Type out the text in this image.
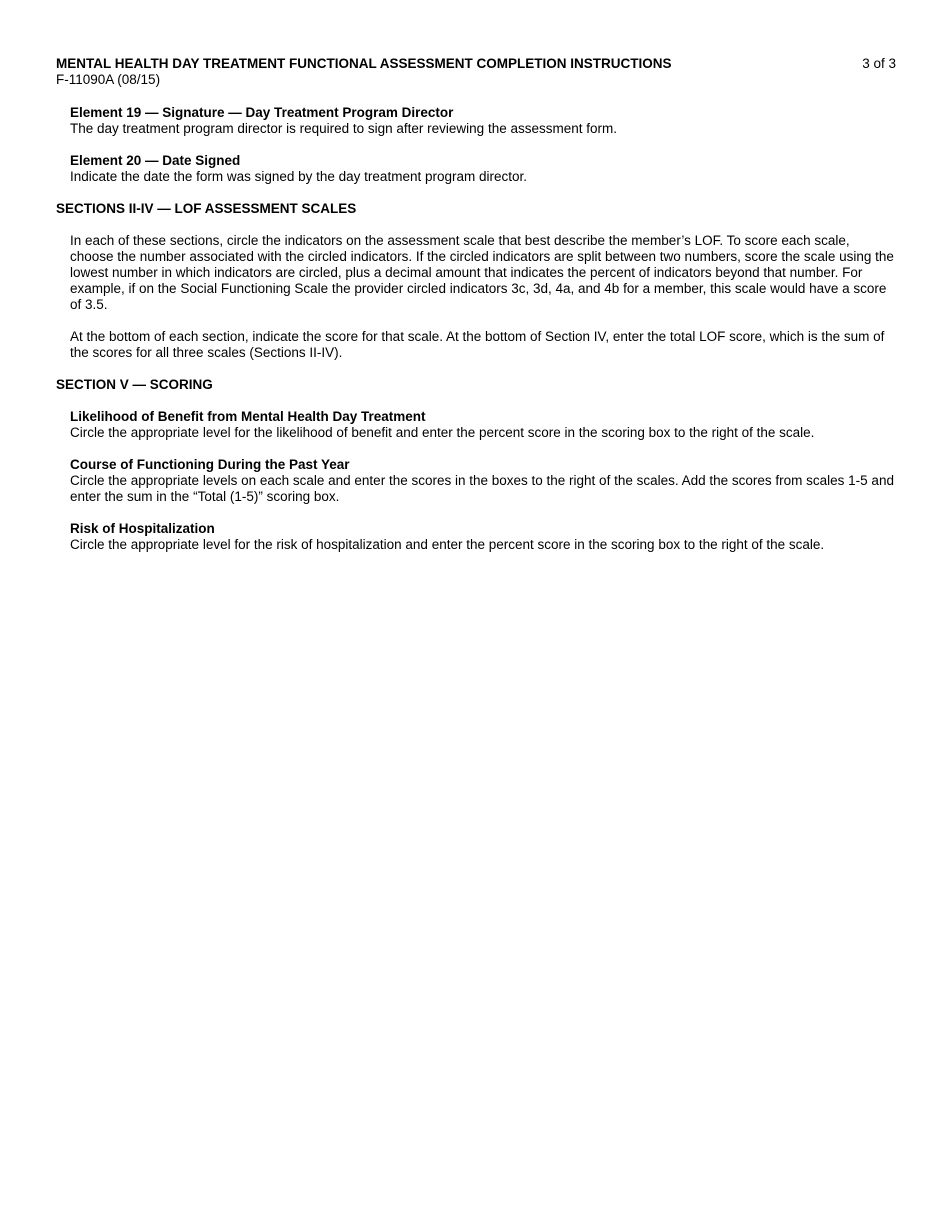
MENTAL HEALTH DAY TREATMENT FUNCTIONAL ASSESSMENT COMPLETION INSTRUCTIONS	3 of 3
F-11090A (08/15)
Element 19 — Signature — Day Treatment Program Director

The day treatment program director is required to sign after reviewing the assessment form.

Element 20 — Date Signed

Indicate the date the form was signed by the day treatment program director.

SECTIONS II-IV — LOF ASSESSMENT SCALES

In each of these sections, circle the indicators on the assessment scale that best describe the member’s LOF. To score each scale, choose the number associated with the circled indicators. If the circled indicators are split between two numbers, score the scale using the lowest number in which indicators are circled, plus a decimal amount that indicates the percent of indicators beyond that number. For example, if on the Social Functioning Scale the provider circled indicators 3c, 3d, 4a, and 4b for a member, this scale would have a score of 3.5.

At the bottom of each section, indicate the score for that scale. At the bottom of Section IV, enter the total LOF score, which is the sum of the scores for all three scales (Sections II-IV).

SECTION V — SCORING
Likelihood of Benefit from Mental Health Day Treatment

Circle the appropriate level for the likelihood of benefit and enter the percent score in the scoring box to the right of the scale.

Course of Functioning During the Past Year

Circle the appropriate levels on each scale and enter the scores in the boxes to the right of the scales. Add the scores from scales 1-5 and enter the sum in the “Total (1-5)” scoring box.

Risk of Hospitalization

Circle the appropriate level for the risk of hospitalization and enter the percent score in the scoring box to the right of the scale.
